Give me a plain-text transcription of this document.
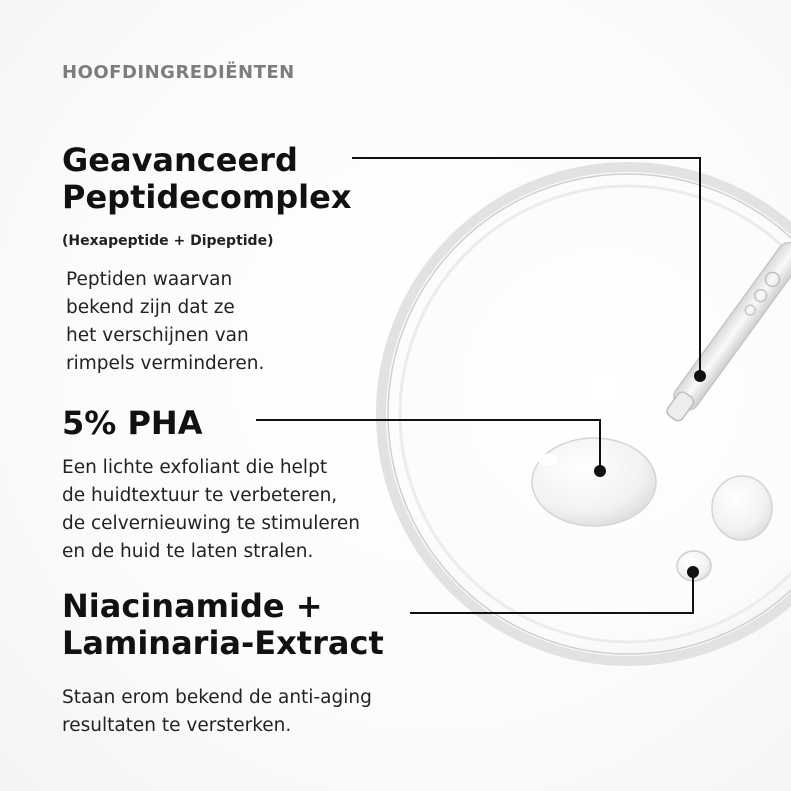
HOOFDINGREDIËNTEN

Geavanceerd
Peptidecomplex

(Hexapeptide + Dipeptide)

Peptiden waarvan
bekend zijn dat ze
het verschijnen van
rimpels verminderen.
5% PHA
Een lichte exfoliant die helpt
de huidtextuur te verbeteren,
de celvernieuwing te stimuleren
en de huid te laten stralen.
Niacinamide +
Laminaria-Extract
Staan erom bekend de anti-aging
resultaten te versterken.
